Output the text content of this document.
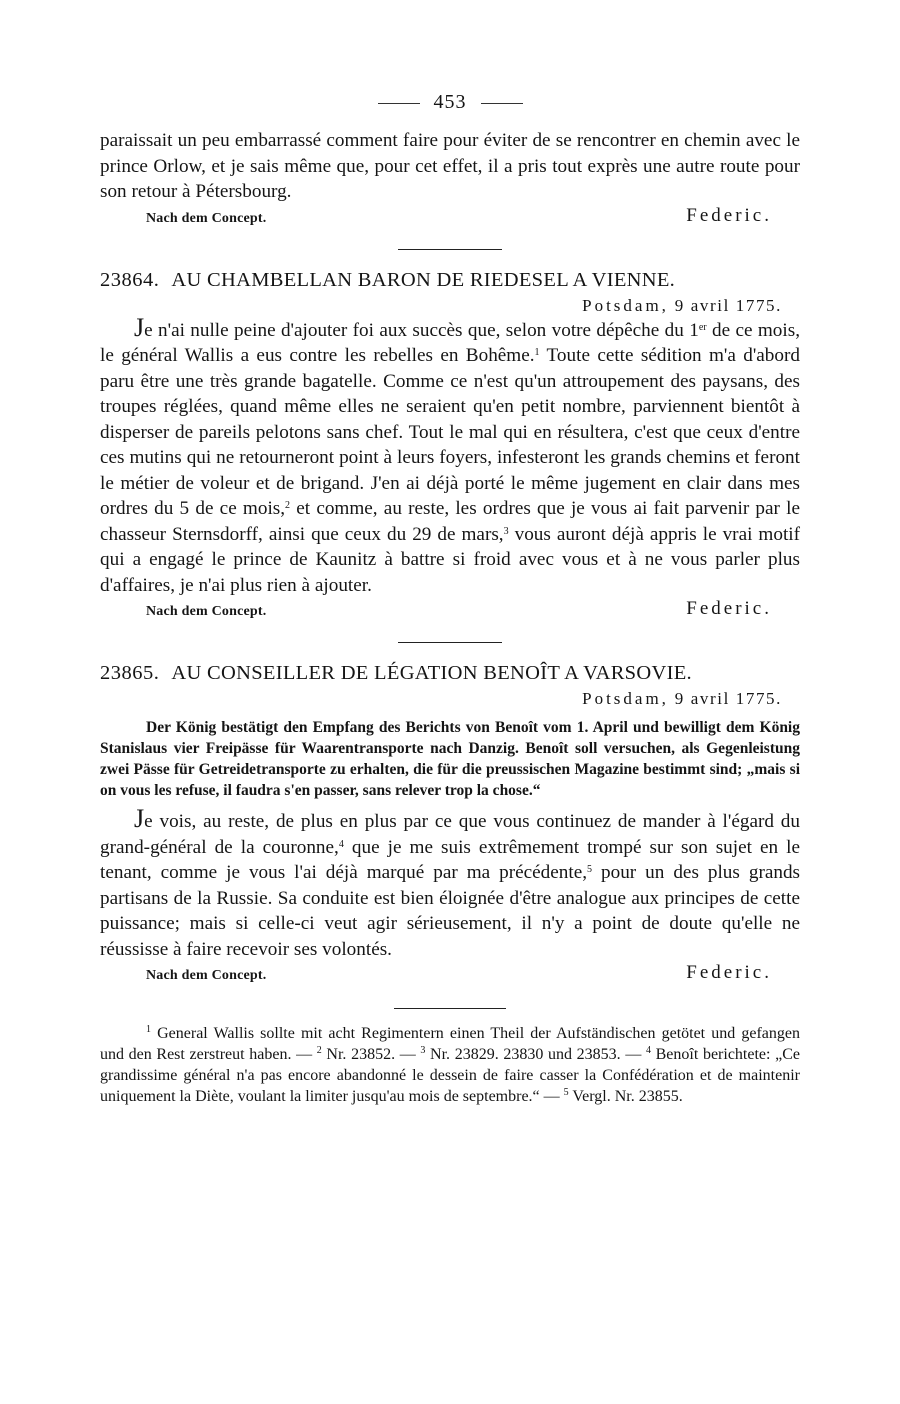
453

paraissait un peu embarrassé comment faire pour éviter de se rencontrer en chemin avec le prince Orlow, et je sais même que, pour cet effet, il a pris tout exprès une autre route pour son retour à Pétersbourg.

Nach dem Concept.	Federic.
23864. AU CHAMBELLAN BARON DE RIEDESEL A VIENNE.
Potsdam, 9 avril 1775.

Je n'ai nulle peine d'ajouter foi aux succès que, selon votre dépêche du 1er de ce mois, le général Wallis a eus contre les rebelles en Bohême.$^1$ Toute cette sédition m'a d'abord paru être une très grande bagatelle. Comme ce n'est qu'un attroupement des paysans, des troupes réglées, quand même elles ne seraient qu'en petit nombre, parviennent bientôt à disperser de pareils pelotons sans chef. Tout le mal qui en résultera, c'est que ceux d'entre ces mutins qui ne retourneront point à leurs foyers, infesteront les grands chemins et feront le métier de voleur et de brigand. J'en ai déjà porté le même jugement en clair dans mes ordres du 5 de ce mois,$^2$ et comme, au reste, les ordres que je vous ai fait parvenir par le chasseur Sternsdorff, ainsi que ceux du 29 de mars,$^3$ vous auront déjà appris le vrai motif qui a engagé le prince de Kaunitz à battre si froid avec vous et à ne vous parler plus d'affaires, je n'ai plus rien à ajouter.

Nach dem Concept.	Federic.
23865. AU CONSEILLER DE LÉGATION BENOÎT A VARSOVIE.
Potsdam, 9 avril 1775.
Der König bestätigt den Empfang des Berichts von Benoît vom 1. April und bewilligt dem König Stanislaus vier Freipässe für Waarentransporte nach Danzig. Benoît soll versuchen, als Gegenleistung zwei Pässe für Getreidetransporte zu erhalten, die für die preussischen Magazine bestimmt sind; „mais si on vous les refuse, il faudra s'en passer, sans relever trop la chose.“

Je vois, au reste, de plus en plus par ce que vous continuez de mander à l'égard du grand-général de la couronne,$^4$ que je me suis extrêmement trompé sur son sujet en le tenant, comme je vous l'ai déjà marqué par ma précédente,$^5$ pour un des plus grands partisans de la Russie. Sa conduite est bien éloignée d'être analogue aux principes de cette puissance; mais si celle-ci veut agir sérieusement, il n'y a point de doute qu'elle ne réussisse à faire recevoir ses volontés.

Nach dem Concept.	Federic.
$^1$ General Wallis sollte mit acht Regimentern einen Theil der Aufständischen getötet und gefangen und den Rest zerstreut haben. — $^2$ Nr. 23852. — $^3$ Nr. 23829. 23830 und 23853. — $^4$ Benoît berichtete: „Ce grandissime général n'a pas encore abandonné le dessein de faire casser la Confédération et de maintenir uniquement la Diète, voulant la limiter jusqu'au mois de septembre.“ — $^5$ Vergl. Nr. 23855.
